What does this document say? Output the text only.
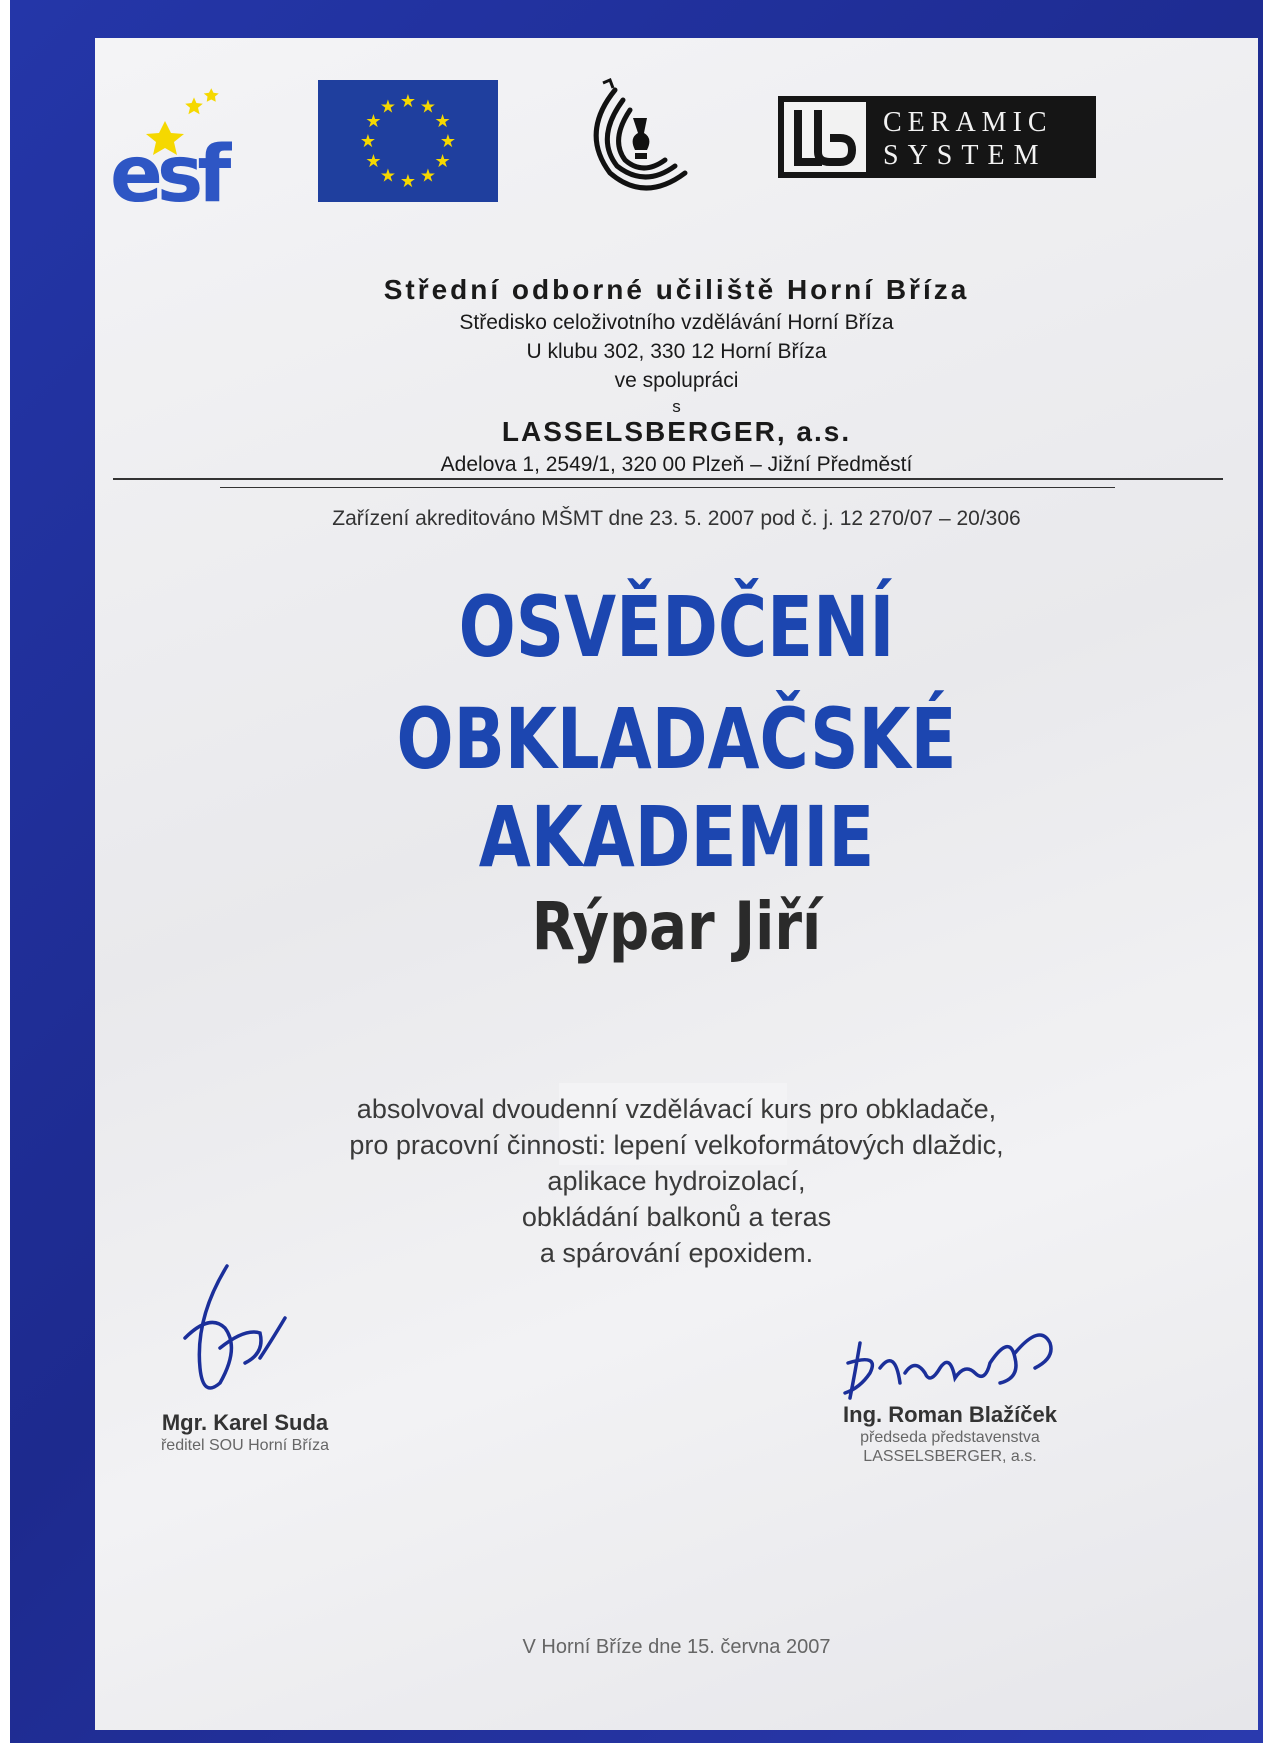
esf
★ ★
★
★
★
★
★
★
★
★
★
★
CERAMIC
SYSTEM
Střední odborné učiliště Horní Bříza
Středisko celoživotního vzdělávání Horní Bříza
U klubu 302, 330 12 Horní Bříza
ve spolupráci
s
LASSELSBERGER, a.s.
Adelova 1, 2549/1, 320 00 Plzeň – Jižní Předměstí
Zařízení akreditováno MŠMT dne 23. 5. 2007 pod č. j. 12 270/07 – 20/306
OSVĚDČENÍ
OBKLADAČSKÉ AKADEMIE
Rýpar Jiří
absolvoval dvoudenní vzdělávací kurs pro obkladače,
pro pracovní činnosti: lepení velkoformátových dlaždic,
aplikace hydroizolací,
obkládání balkonů a teras
a spárování epoxidem.
Mgr. Karel Suda
ředitel SOU Horní Bříza
Ing. Roman Blažíček
předseda představenstva
LASSELSBERGER, a.s.
V Horní Bříze dne 15. června 2007
